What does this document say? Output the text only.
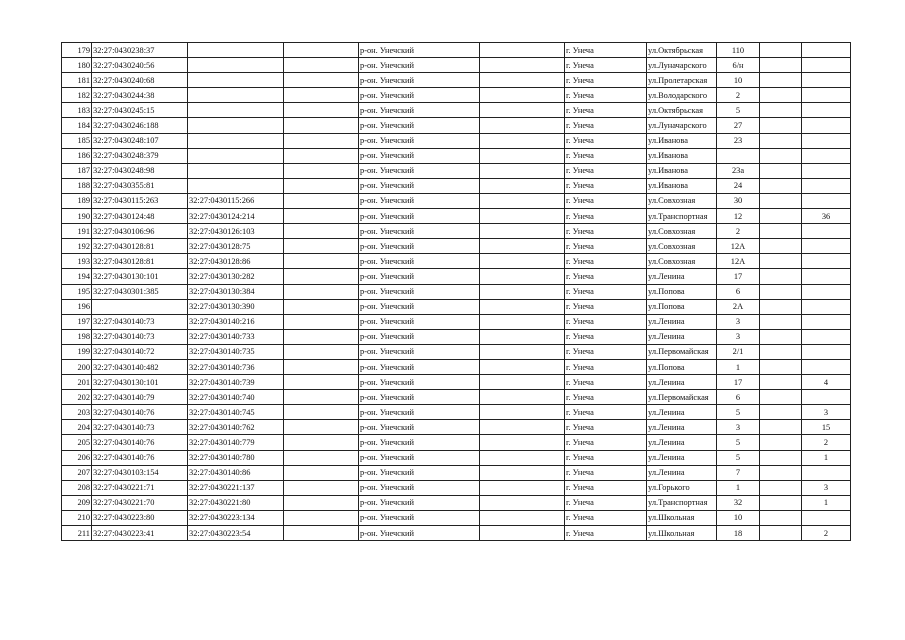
179	32:27:0430238:37			р-он. Унечский		г. Унеча	ул.Октябрьская	110		
180	32:27:0430240:56			р-он. Унечский		г. Унеча	ул.Луначарского	6/н		
181	32:27:0430240:68			р-он. Унечский		г. Унеча	ул.Пролетарская	10		
182	32:27:0430244:38			р-он. Унечский		г. Унеча	ул.Володарского	2		
183	32:27:0430245:15			р-он. Унечский		г. Унеча	ул.Октябрьская	5		
184	32:27:0430246:188			р-он. Унечский		г. Унеча	ул.Луначарского	27		
185	32:27:0430248:107			р-он. Унечский		г. Унеча	ул.Иванова	23		
186	32:27:0430248:379			р-он. Унечский		г. Унеча	ул.Иванова			
187	32:27:0430248:98			р-он. Унечский		г. Унеча	ул.Иванова	23а		
188	32:27:0430355:81			р-он. Унечский		г. Унеча	ул.Иванова	24		
189	32:27:0430115:263	32:27:0430115:266		р-он. Унечский		г. Унеча	ул.Совхозная	30		
190	32:27:0430124:48	32:27:0430124:214		р-он. Унечский		г. Унеча	ул.Транспортная	12		36
191	32:27:0430106:96	32:27:0430126:103		р-он. Унечский		г. Унеча	ул.Совхозная	2		
192	32:27:0430128:81	32:27:0430128:75		р-он. Унечский		г. Унеча	ул.Совхозная	12А		
193	32:27:0430128:81	32:27:0430128:86		р-он. Унечский		г. Унеча	ул.Совхозная	12А		
194	32:27:0430130:101	32:27:0430130:282		р-он. Унечский		г. Унеча	ул.Ленина	17		
195	32:27:0430301:385	32:27:0430130:384		р-он. Унечский		г. Унеча	ул.Попова	6		
196		32:27:0430130:390		р-он. Унечский		г. Унеча	ул.Попова	2А		
197	32:27:0430140:73	32:27:0430140:216		р-он. Унечский		г. Унеча	ул.Ленина	3		
198	32:27:0430140:73	32:27:0430140:733		р-он. Унечский		г. Унеча	ул.Ленина	3		
199	32:27:0430140:72	32:27:0430140:735		р-он. Унечский		г. Унеча	ул.Первомайская	2/1		
200	32:27:0430140:482	32:27:0430140:736		р-он. Унечский		г. Унеча	ул.Попова	1		
201	32:27:0430130:101	32:27:0430140:739		р-он. Унечский		г. Унеча	ул.Ленина	17		4
202	32:27:0430140:79	32:27:0430140:740		р-он. Унечский		г. Унеча	ул.Первомайская	6		
203	32:27:0430140:76	32:27:0430140:745		р-он. Унечский		г. Унеча	ул.Ленина	5		3
204	32:27:0430140:73	32:27:0430140:762		р-он. Унечский		г. Унеча	ул.Ленина	3		15
205	32:27:0430140:76	32:27:0430140:779		р-он. Унечский		г. Унеча	ул.Ленина	5		2
206	32:27:0430140:76	32:27:0430140:780		р-он. Унечский		г. Унеча	ул.Ленина	5		1
207	32:27:0430103:154	32:27:0430140:86		р-он. Унечский		г. Унеча	ул.Ленина	7		
208	32:27:0430221:71	32:27:0430221:137		р-он. Унечский		г. Унеча	ул.Горького	1		3
209	32:27:0430221:70	32:27:0430221:80		р-он. Унечский		г. Унеча	ул.Транспортная	32		1
210	32:27:0430223:80	32:27:0430223:134		р-он. Унечский		г. Унеча	ул.Школьная	10		
211	32:27:0430223:41	32:27:0430223:54		р-он. Унечский		г. Унеча	ул.Школьная	18		2
